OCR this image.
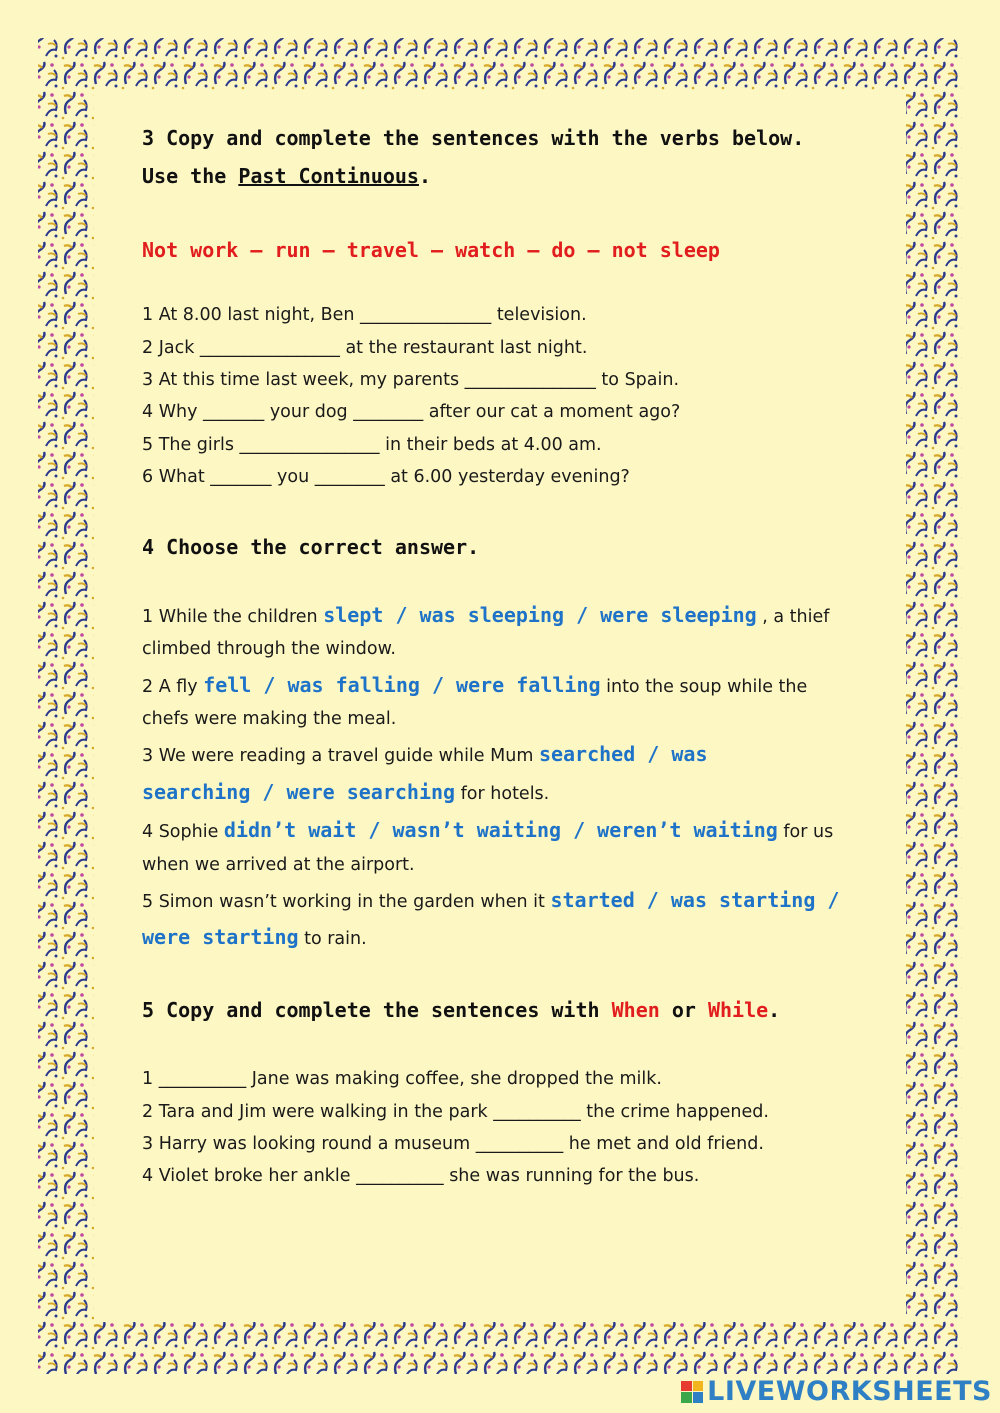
3 Copy and complete the sentences with the verbs below.

Use the Past Continuous.

Not work – run – travel – watch – do – not sleep
1 At 8.00 last night, Ben _______________ television.
2 Jack ________________ at the restaurant last night.
3 At this time last week, my parents _______________ to Spain.
4 Why _______ your dog ________ after our cat a moment ago?
5 The girls ________________ in their beds at 4.00 am.
6 What _______ you ________ at 6.00 yesterday evening?

4 Choose the correct answer.

1 While the children slept / was sleeping / were sleeping , a thief
climbed through the window.
2 A fly fell / was falling / were falling into the soup while the
chefs were making the meal.
3 We were reading a travel guide while Mum searched / was
searching / were searching for hotels.
4 Sophie didn’t wait / wasn’t waiting / weren’t waiting for us
when we arrived at the airport.
5 Simon wasn’t working in the garden when it started / was starting /
were starting to rain.

5 Copy and complete the sentences with When or While.

1 __________ Jane was making coffee, she dropped the milk.
2 Tara and Jim were walking in the park __________ the crime happened.
3 Harry was looking round a museum __________ he met and old friend.
4 Violet broke her ankle __________ she was running for the bus.
LIVEWORKSHEETS
